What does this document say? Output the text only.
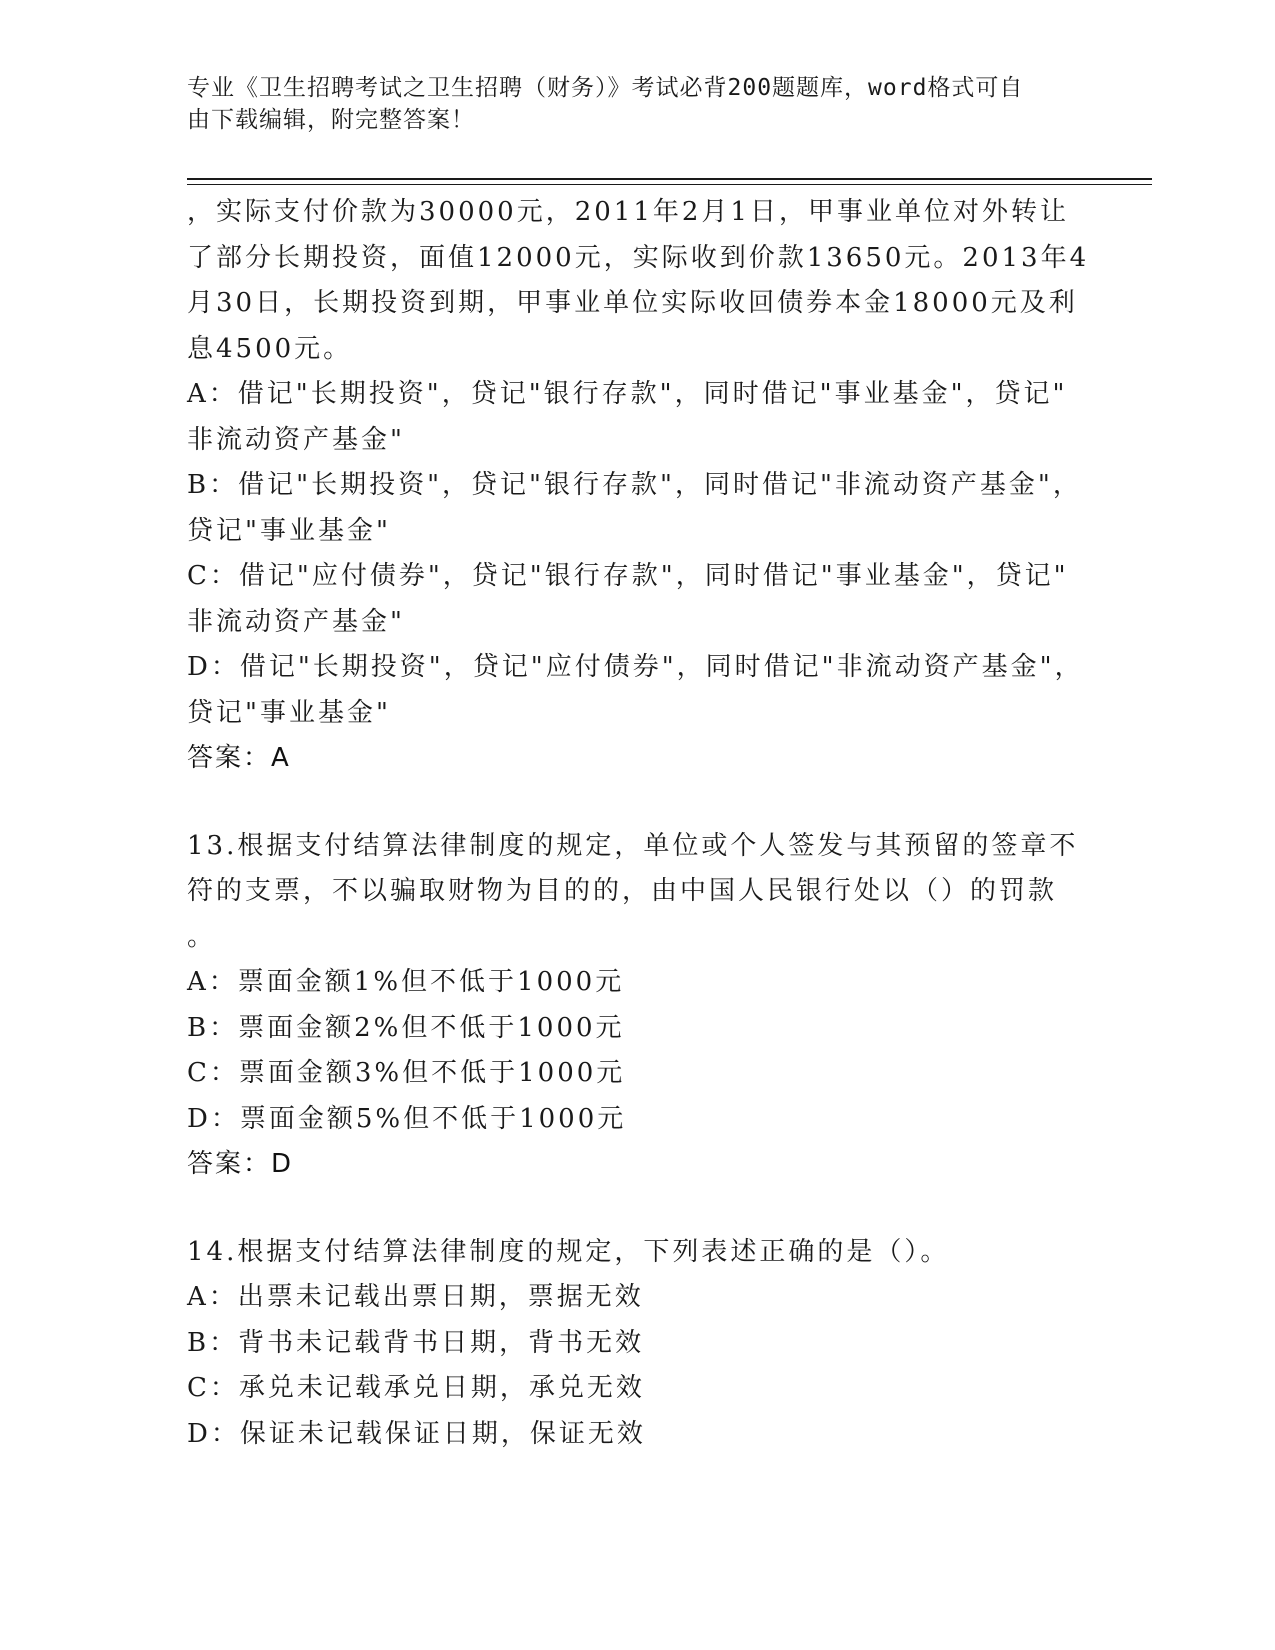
专业《卫生招聘考试之卫生招聘（财务）》考试必背200题题库，word格式可自
由下载编辑，附完整答案！
，实际支付价款为30000元，2011年2月1日，甲事业单位对外转让
了部分长期投资，面值12000元，实际收到价款13650元。2013年4
月30日，长期投资到期，甲事业单位实际收回债券本金18000元及利
息4500元。
A：借记"长期投资"，贷记"银行存款"，同时借记"事业基金"，贷记"
非流动资产基金"
B：借记"长期投资"，贷记"银行存款"，同时借记"非流动资产基金"，
贷记"事业基金"
C：借记"应付债券"，贷记"银行存款"，同时借记"事业基金"，贷记"
非流动资产基金"
D：借记"长期投资"，贷记"应付债券"，同时借记"非流动资产基金"，
贷记"事业基金"
答案：A
13.根据支付结算法律制度的规定，单位或个人签发与其预留的签章不
符的支票，不以骗取财物为目的的，由中国人民银行处以（）的罚款
。
A：票面金额1%但不低于1000元
B：票面金额2%但不低于1000元
C：票面金额3%但不低于1000元
D：票面金额5%但不低于1000元
答案：D
14.根据支付结算法律制度的规定，下列表述正确的是（）。
A：出票未记载出票日期，票据无效
B：背书未记载背书日期，背书无效
C：承兑未记载承兑日期，承兑无效
D：保证未记载保证日期，保证无效
